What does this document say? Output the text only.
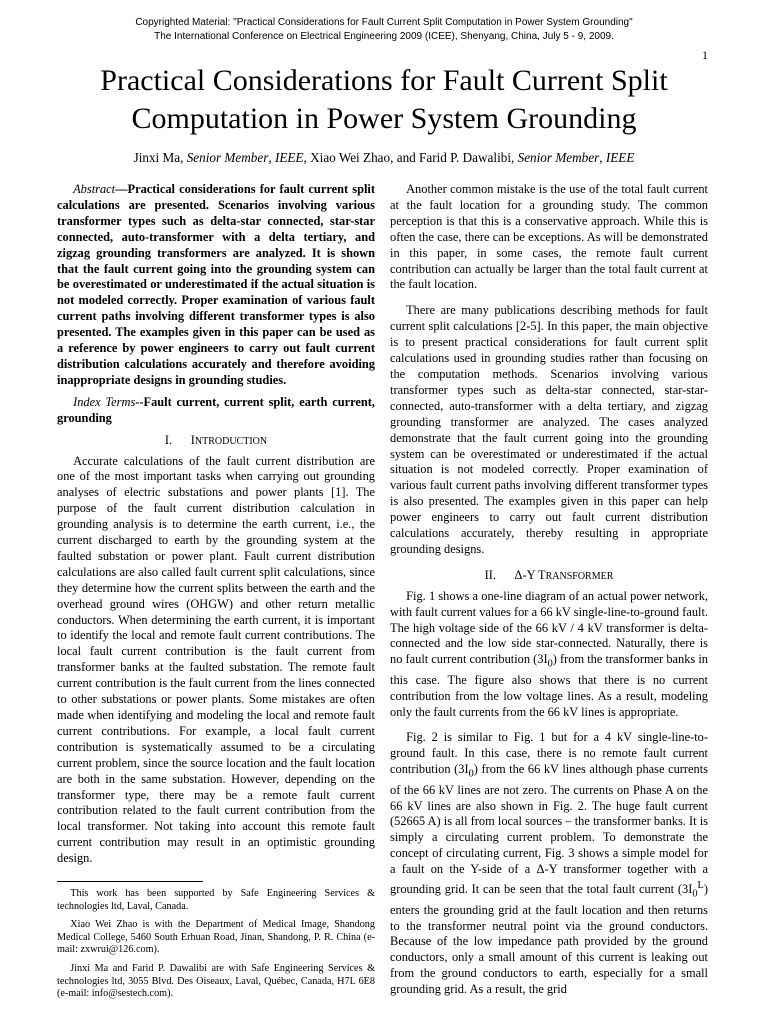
Copyrighted Material: "Practical Considerations for Fault Current Split Computation in Power System Grounding"
The International Conference on Electrical Engineering 2009 (ICEE), Shenyang, China, July 5 - 9, 2009.
1
Practical Considerations for Fault Current Split
Computation in Power System Grounding
Jinxi Ma, Senior Member, IEEE, Xiao Wei Zhao, and Farid P. Dawalibi, Senior Member, IEEE

Abstract—Practical considerations for fault current split calculations are presented. Scenarios involving various transformer types such as delta-star connected, star-star connected, auto-transformer with a delta tertiary, and zigzag grounding transformers are analyzed. It is shown that the fault current going into the grounding system can be overestimated or underestimated if the actual situation is not modeled correctly. Proper examination of various fault current paths involving different transformer types is also presented. The examples given in this paper can be used as a reference by power engineers to carry out fault current distribution calculations accurately and therefore avoiding inappropriate designs in grounding studies.

Index Terms--Fault current, current split, earth current, grounding

I. INTRODUCTION

Accurate calculations of the fault current distribution are one of the most important tasks when carrying out grounding analyses of electric substations and power plants [1]. The purpose of the fault current distribution calculation in grounding analysis is to determine the earth current, i.e., the current discharged to earth by the grounding system at the faulted substation or power plant. Fault current distribution calculations are also called fault current split calculations, since they determine how the current splits between the earth and the overhead ground wires (OHGW) and other return metallic conductors. When determining the earth current, it is important to identify the local and remote fault current contributions. The local fault current contribution is the fault current from transformer banks at the faulted substation. The remote fault current contribution is the fault current from the lines connected to other substations or power plants. Some mistakes are often made when identifying and modeling the local and remote fault current contributions. For example, a local fault current contribution is systematically assumed to be a circulating current problem, since the source location and the fault location are both in the same substation. However, depending on the transformer type, there may be a remote fault current contribution related to the fault current contribution from the local transformer. Not taking into account this remote fault current contribution may result in an optimistic grounding design.

This work has been supported by Safe Engineering Services & technologies ltd, Laval, Canada.

Xiao Wei Zhao is with the Department of Medical Image, Shandong Medical College, 5460 South Erhuan Road, Jinan, Shandong, P. R. China (e-mail: zxwrui@126.com).

Jinxi Ma and Farid P. Dawalibi are with Safe Engineering Services & technologies ltd, 3055 Blvd. Des Oiseaux, Laval, Québec, Canada, H7L 6E8 (e-mail: info@sestech.com).

Another common mistake is the use of the total fault current at the fault location for a grounding study. The common perception is that this is a conservative approach. While this is often the case, there can be exceptions. As will be demonstrated in this paper, in some cases, the remote fault current contribution can actually be larger than the total fault current at the fault location.

There are many publications describing methods for fault current split calculations [2-5]. In this paper, the main objective is to present practical considerations for fault current split calculations used in grounding studies rather than focusing on the computation methods. Scenarios involving various transformer types such as delta-star connected, star-star-connected, auto-transformer with a delta tertiary, and zigzag grounding transformer are analyzed. The cases analyzed demonstrate that the fault current going into the grounding system can be overestimated or underestimated if the actual situation is not modeled correctly. Proper examination of various fault current paths involving different transformer types is also presented. The examples given in this paper can help power engineers to carry out fault current distribution calculations accurately, thereby resulting in appropriate grounding designs.

II. Δ-Y TRANSFORMER

Fig. 1 shows a one-line diagram of an actual power network, with fault current values for a 66 kV single-line-to-ground fault. The high voltage side of the 66 kV / 4 kV transformer is delta-connected and the low side star-connected. Naturally, there is no fault current contribution $(3I_0)$ from the transformer banks in this case. The figure also shows that there is no current contribution from the low voltage lines. As a result, modeling only the fault currents from the 66 kV lines is appropriate.

Fig. 2 is similar to Fig. 1 but for a 4 kV single-line-to-ground fault. In this case, there is no remote fault current contribution $(3I_0)$ from the 66 kV lines although phase currents of the 66 kV lines are not zero. The currents on Phase A on the 66 kV lines are also shown in Fig. 2. The huge fault current (52665 A) is all from local sources – the transformer banks. It is simply a circulating current problem. To demonstrate the concept of circulating current, Fig. 3 shows a simple model for a fault on the Y-side of a Δ-Y transformer together with a grounding grid. It can be seen that the total fault current $(3I_0^L)$ enters the grounding grid at the fault location and then returns to the transformer neutral point via the ground conductors. Because of the low impedance path provided by the ground conductors, only a small amount of this current is leaking out from the ground conductors to earth, especially for a small grounding grid. As a result, the grid
